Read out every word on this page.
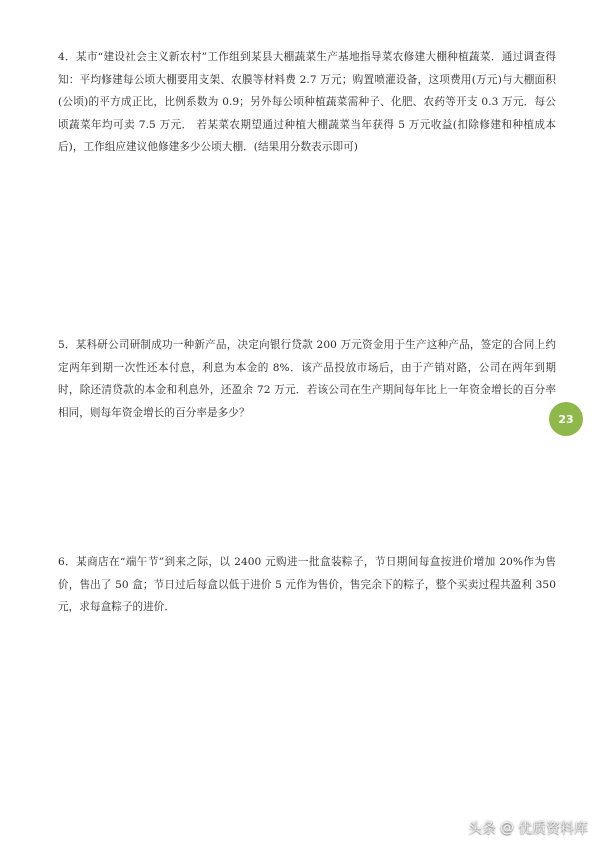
4．某市“建设社会主义新农村”工作组到某县大棚蔬菜生产基地指导菜农修建大棚种植蔬菜．通过调查得知：平均修建每公顷大棚要用支架、农膜等材料费 2.7 万元；购置喷灌设备，这项费用(万元)与大棚面积(公顷)的平方成正比，比例系数为 0.9；另外每公顷种植蔬菜需种子、化肥、农药等开支 0.3 万元．每公顷蔬菜年均可卖 7.5 万元． 若某菜农期望通过种植大棚蔬菜当年获得 5 万元收益(扣除修建和种植成本后)，工作组应建议他修建多少公顷大棚．(结果用分数表示即可)
5．某科研公司研制成功一种新产品，决定向银行贷款 200 万元资金用于生产这种产品，签定的合同上约定两年到期一次性还本付息，利息为本金的 8%．该产品投放市场后，由于产销对路，公司在两年到期时，除还清贷款的本金和利息外，还盈余 72 万元．若该公司在生产期间每年比上一年资金增长的百分率相同，则每年资金增长的百分率是多少？
6．某商店在“端午节”到来之际，以 2400 元购进一批盒装粽子，节日期间每盒按进价增加 20%作为售价，售出了 50 盒；节日过后每盒以低于进价 5 元作为售价，售完余下的粽子，整个买卖过程共盈利 350 元，求每盒粽子的进价．
23
头条 @ 优质资料库
